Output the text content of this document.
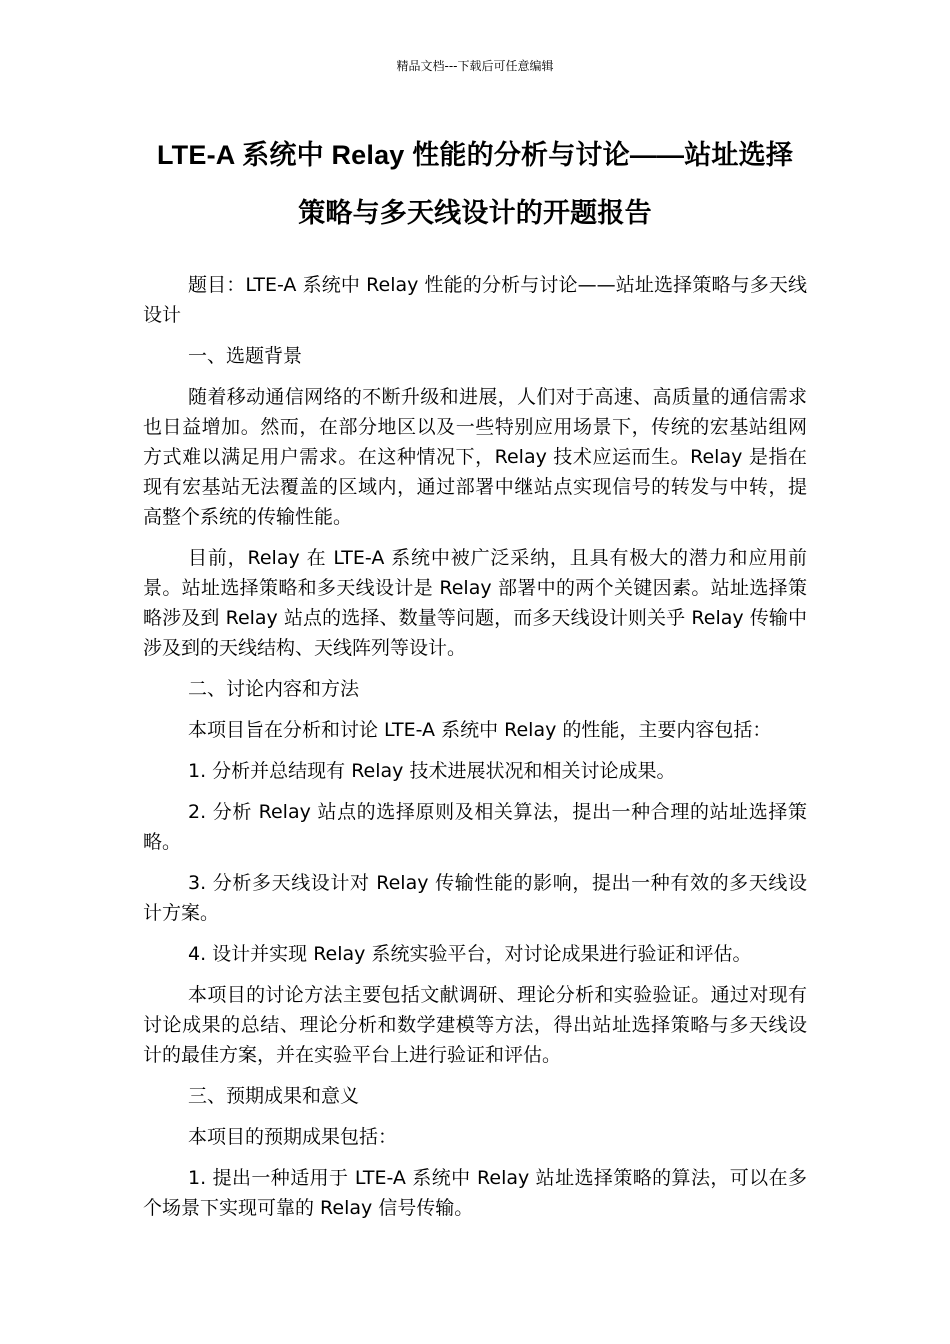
精品文档---下载后可任意编辑
LTE-A 系统中 Relay 性能的分析与讨论——站址选择
策略与多天线设计的开题报告

题目：LTE-A 系统中 Relay 性能的分析与讨论——站址选择策略与多天线设计

一、选题背景

随着移动通信网络的不断升级和进展，人们对于高速、高质量的通信需求也日益增加。然而，在部分地区以及一些特别应用场景下，传统的宏基站组网方式难以满足用户需求。在这种情况下，Relay 技术应运而生。Relay 是指在现有宏基站无法覆盖的区域内，通过部署中继站点实现信号的转发与中转，提高整个系统的传输性能。

目前，Relay 在 LTE-A 系统中被广泛采纳，且具有极大的潜力和应用前景。站址选择策略和多天线设计是 Relay 部署中的两个关键因素。站址选择策略涉及到 Relay 站点的选择、数量等问题，而多天线设计则关乎 Relay 传输中涉及到的天线结构、天线阵列等设计。

二、讨论内容和方法

本项目旨在分析和讨论 LTE-A 系统中 Relay 的性能，主要内容包括：

1. 分析并总结现有 Relay 技术进展状况和相关讨论成果。

2. 分析 Relay 站点的选择原则及相关算法，提出一种合理的站址选择策略。

3. 分析多天线设计对 Relay 传输性能的影响，提出一种有效的多天线设计方案。

4. 设计并实现 Relay 系统实验平台，对讨论成果进行验证和评估。

本项目的讨论方法主要包括文献调研、理论分析和实验验证。通过对现有讨论成果的总结、理论分析和数学建模等方法，得出站址选择策略与多天线设计的最佳方案，并在实验平台上进行验证和评估。

三、预期成果和意义

本项目的预期成果包括：

1. 提出一种适用于 LTE-A 系统中 Relay 站址选择策略的算法，可以在多个场景下实现可靠的 Relay 信号传输。
